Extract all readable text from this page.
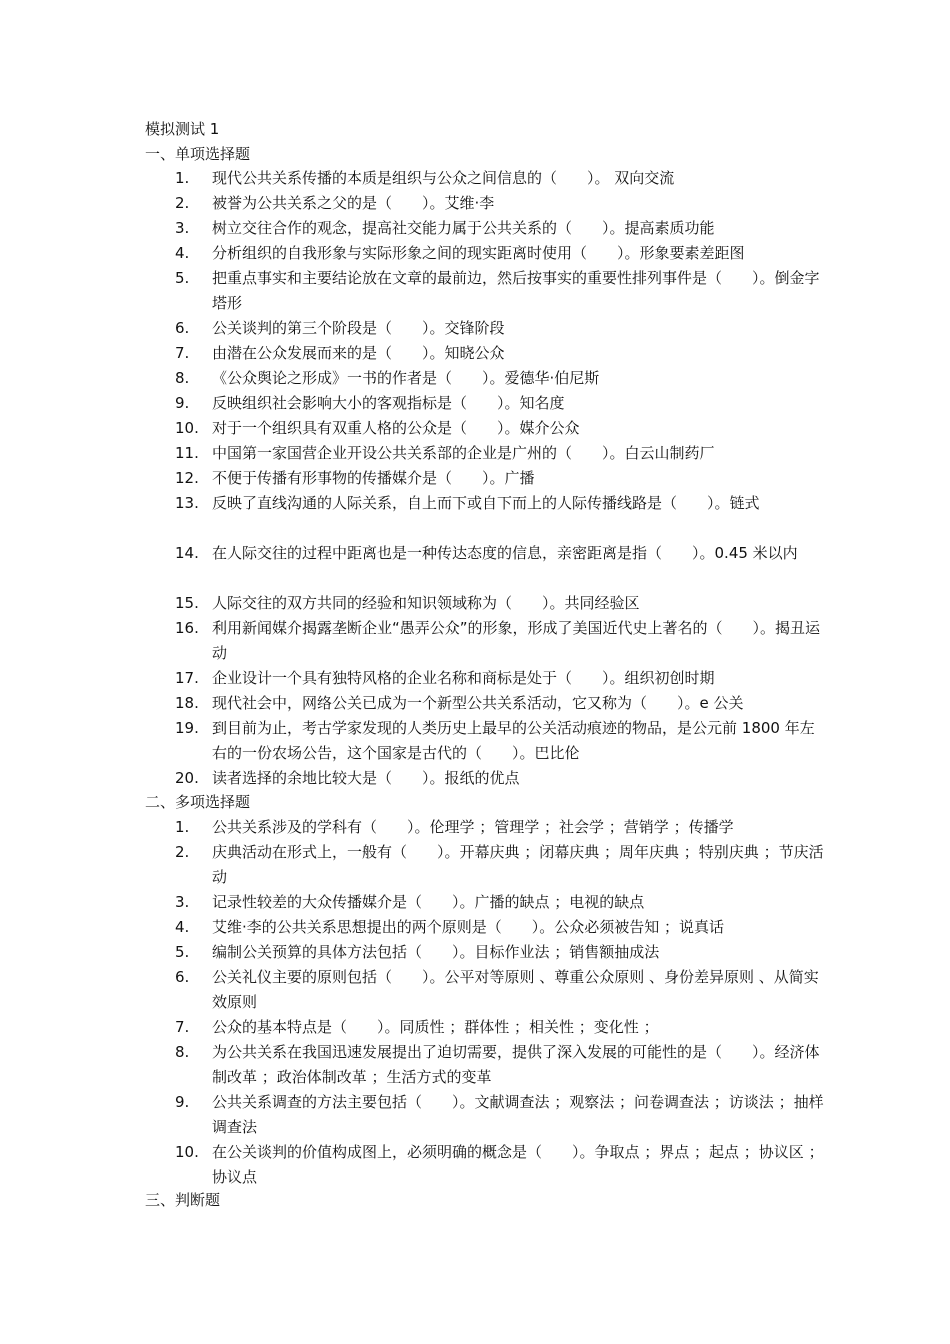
模拟测试 1
一、单项选择题
1.	现代公共关系传播的本质是组织与公众之间信息的（　　）。 双向交流
2.	被誉为公共关系之父的是（　　）。艾维·李
3.	树立交往合作的观念，提高社交能力属于公共关系的（　　）。提高素质功能
4.	分析组织的自我形象与实际形象之间的现实距离时使用（　　）。形象要素差距图
5.	把重点事实和主要结论放在文章的最前边，然后按事实的重要性排列事件是（　　）。倒金字塔形
6.	公关谈判的第三个阶段是（　　）。交锋阶段
7.	由潜在公众发展而来的是（　　）。知晓公众
8.	《公众舆论之形成》一书的作者是（　　）。爱德华·伯尼斯
9.	反映组织社会影响大小的客观指标是（　　）。知名度
10. 对于一个组织具有双重人格的公众是（　　）。媒介公众
11. 中国第一家国营企业开设公共关系部的企业是广州的（　　）。白云山制药厂
12. 不便于传播有形事物的传播媒介是（　　）。广播
13. 反映了直线沟通的人际关系，自上而下或自下而上的人际传播线路是（　　）。链式
14. 在人际交往的过程中距离也是一种传达态度的信息，亲密距离是指（　　）。0.45 米以内
15. 人际交往的双方共同的经验和知识领域称为（　　）。共同经验区
16. 利用新闻媒介揭露垄断企业“愚弄公众”的形象，形成了美国近代史上著名的（　　）。揭丑运动
17. 企业设计一个具有独特风格的企业名称和商标是处于（　　）。组织初创时期
18. 现代社会中，网络公关已成为一个新型公共关系活动，它又称为（　　）。e 公关
19. 到目前为止，考古学家发现的人类历史上最早的公关活动痕迹的物品，是公元前 1800 年左右的一份农场公告，这个国家是古代的（　　）。巴比伦
20. 读者选择的余地比较大是（　　）。报纸的优点
二、多项选择题
1.	公共关系涉及的学科有（　　）。伦理学 ；管理学 ；社会学 ；营销学 ；传播学
2.	庆典活动在形式上，一般有（　　）。开幕庆典 ；闭幕庆典 ；周年庆典 ；特别庆典 ；节庆活动
3.	记录性较差的大众传播媒介是（　　）。广播的缺点 ；电视的缺点
4.	艾维·李的公共关系思想提出的两个原则是（　　）。公众必须被告知 ；说真话
5.	编制公关预算的具体方法包括（　　）。目标作业法 ；销售额抽成法
6.	公关礼仪主要的原则包括（　　）。公平对等原则 、尊重公众原则 、身份差异原则 、从简实效原则
7.	公众的基本特点是（　　）。同质性 ；群体性 ；相关性 ；变化性 ；
8.	为公共关系在我国迅速发展提出了迫切需要，提供了深入发展的可能性的是（　　）。经济体制改革 ；政治体制改革 ；生活方式的变革
9.	公共关系调查的方法主要包括（　　）。文献调查法 ；观察法 ；问卷调查法 ；访谈法 ；抽样调查法
10. 在公关谈判的价值构成图上，必须明确的概念是（　　）。争取点 ；界点 ；起点 ；协议区 ；协议点
三、判断题
